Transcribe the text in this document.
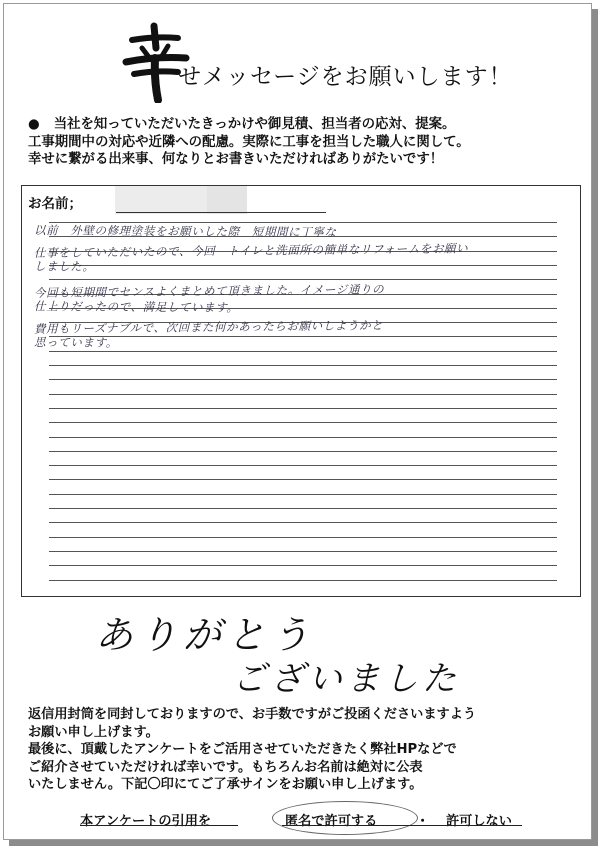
せメッセージをお願いします！
● 当社を知っていただいたきっかけや御見積、担当者の応対、提案。
工事期間中の対応や近隣への配慮。実際に工事を担当した職人に関して。
幸せに繋がる出来事、何なりとお書きいただければありがたいです！
お名前；
以前　外壁の修理塗装をお願いした際　短期間に丁寧な
仕事をしていただいたので、今回　トイレと洗面所の簡単なリフォームをお願い
しました。
今回も短期間でセンスよくまとめて頂きました。イメージ通りの
仕上りだったので、満足しています。
費用もリーズナブルで、次回また何かあったらお願いしようかと
思っています。
ありがとう
ございました
返信用封筒を同封しておりますので、お手数ですがご投函くださいますよう
お願い申し上げます。
最後に、頂戴したアンケートをご活用させていただきたく弊社HPなどで
ご紹介させていただければ幸いです。もちろんお名前は絶対に公表
いたしません。下記〇印にてご了承サインをお願い申し上げます。
本アンケートの引用を	匿名で許可する	・ 許可しない
